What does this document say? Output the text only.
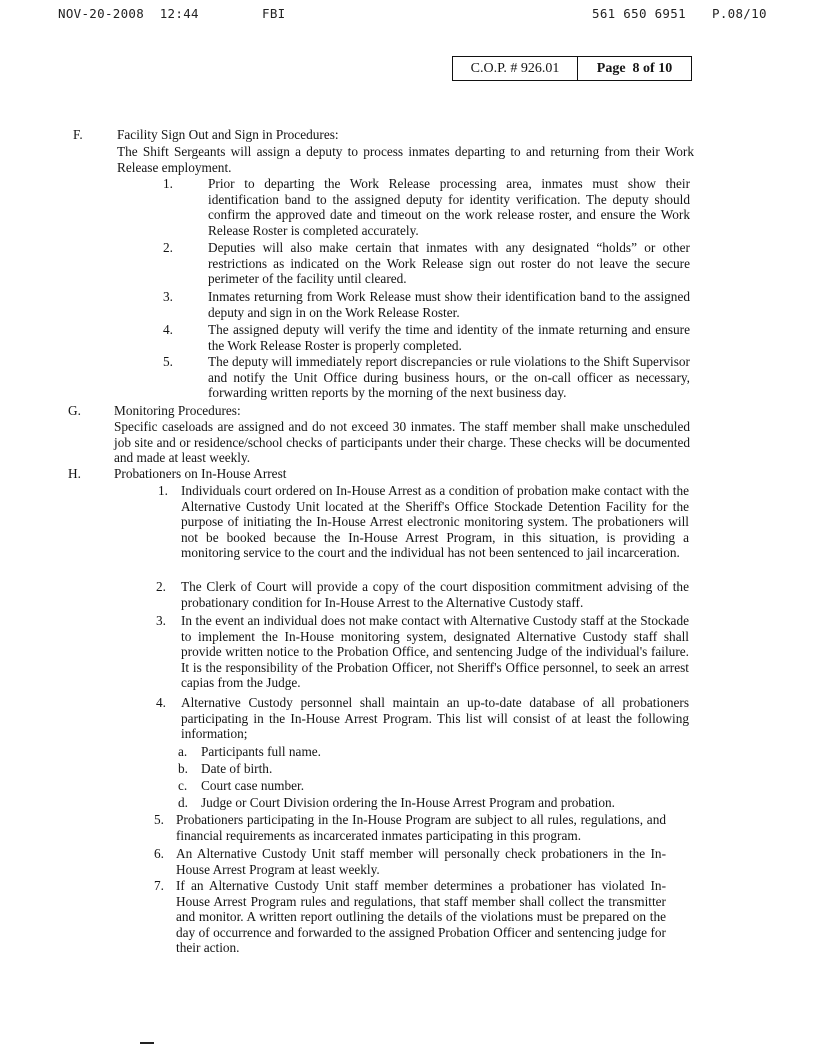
NOV-20-2008  12:44	FBI	561 650 6951 P.08/10
C.O.P. # 926.01	Page  8 of 10
F.	Facility Sign Out and Sign in Procedures:
The Shift Sergeants will assign a deputy to process inmates departing to and returning from their Work Release employment.
1.	Prior to departing the Work Release processing area, inmates must show their identification band to the assigned deputy for identity verification. The deputy should confirm the approved date and timeout on the work release roster, and ensure the Work Release Roster is completed accurately.
2.	Deputies will also make certain that inmates with any designated “holds” or other restrictions as indicated on the Work Release sign out roster do not leave the secure perimeter of the facility until cleared.
3.	Inmates returning from Work Release must show their identification band to the assigned deputy and sign in on the Work Release Roster.
4.	The assigned deputy will verify the time and identity of the inmate returning and ensure the Work Release Roster is properly completed.
5.	The deputy will immediately report discrepancies or rule violations to the Shift Supervisor and notify the Unit Office during business hours, or the on-call officer as necessary, forwarding written reports by the morning of the next business day.
G. Monitoring Procedures:
Specific caseloads are assigned and do not exceed 30 inmates. The staff member shall make unscheduled job site and or residence/school checks of participants under their charge. These checks will be documented and made at least weekly.
H. Probationers on In-House Arrest
1. Individuals court ordered on In-House Arrest as a condition of probation make contact with the Alternative Custody Unit located at the Sheriff's Office Stockade Detention Facility for the purpose of initiating the In-House Arrest electronic monitoring system. The probationers will not be booked because the In-House Arrest Program, in this situation, is providing a monitoring service to the court and the individual has not been sentenced to jail incarceration.
2. The Clerk of Court will provide a copy of the court disposition commitment advising of the probationary condition for In-House Arrest to the Alternative Custody staff.
3. In the event an individual does not make contact with Alternative Custody staff at the Stockade to implement the In-House monitoring system, designated Alternative Custody staff shall provide written notice to the Probation Office, and sentencing Judge of the individual's failure. It is the responsibility of the Probation Officer, not Sheriff's Office personnel, to seek an arrest capias from the Judge.
4. Alternative Custody personnel shall maintain an up-to-date database of all probationers participating in the In-House Arrest Program. This list will consist of at least the following information;
a. Participants full name.
b. Date of birth.
c. Court case number.
d. Judge or Court Division ordering the In-House Arrest Program and probation.
5. Probationers participating in the In-House Program are subject to all rules, regulations, and financial requirements as incarcerated inmates participating in this program.
6. An Alternative Custody Unit staff member will personally check probationers in the In-House Arrest Program at least weekly.
7. If an Alternative Custody Unit staff member determines a probationer has violated In-House Arrest Program rules and regulations, that staff member shall collect the transmitter and monitor. A written report outlining the details of the violations must be prepared on the day of occurrence and forwarded to the assigned Probation Officer and sentencing judge for their action.
